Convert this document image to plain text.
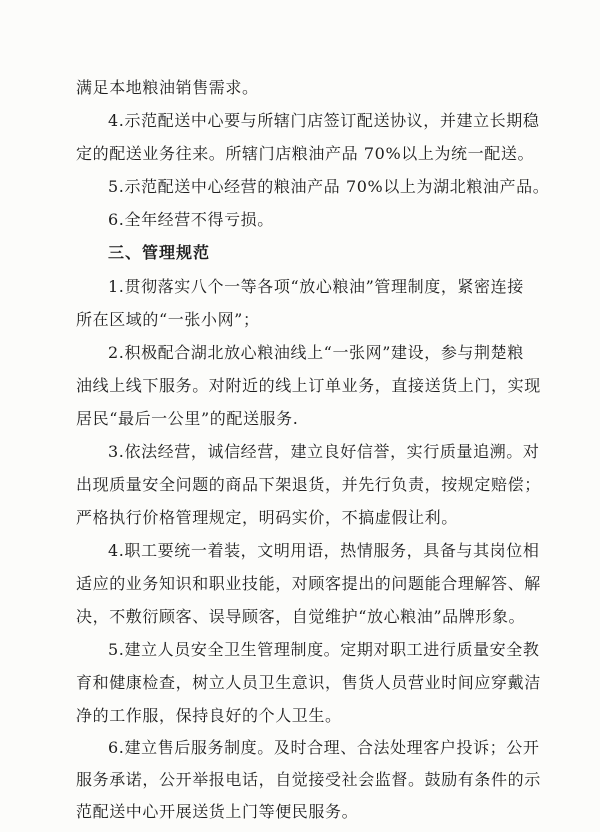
满足本地粮油销售需求。
4.示范配送中心要与所辖门店签订配送协议，并建立长期稳
定的配送业务往来。所辖门店粮油产品 70%以上为统一配送。
5.示范配送中心经营的粮油产品 70%以上为湖北粮油产品。
6.全年经营不得亏损。
三、管理规范
1.贯彻落实八个一等各项“放心粮油”管理制度，紧密连接
所在区域的“一张小网”；
2.积极配合湖北放心粮油线上“一张网”建设，参与荆楚粮
油线上线下服务。对附近的线上订单业务，直接送货上门，实现
居民“最后一公里”的配送服务.
3.依法经营，诚信经营，建立良好信誉，实行质量追溯。对
出现质量安全问题的商品下架退货，并先行负责，按规定赔偿；
严格执行价格管理规定，明码实价，不搞虚假让利。
4.职工要统一着装，文明用语，热情服务，具备与其岗位相
适应的业务知识和职业技能，对顾客提出的问题能合理解答、解
决，不敷衍顾客、误导顾客，自觉维护“放心粮油”品牌形象。
5.建立人员安全卫生管理制度。定期对职工进行质量安全教
育和健康检查，树立人员卫生意识，售货人员营业时间应穿戴洁
净的工作服，保持良好的个人卫生。
6.建立售后服务制度。及时合理、合法处理客户投诉；公开
服务承诺，公开举报电话，自觉接受社会监督。鼓励有条件的示
范配送中心开展送货上门等便民服务。
